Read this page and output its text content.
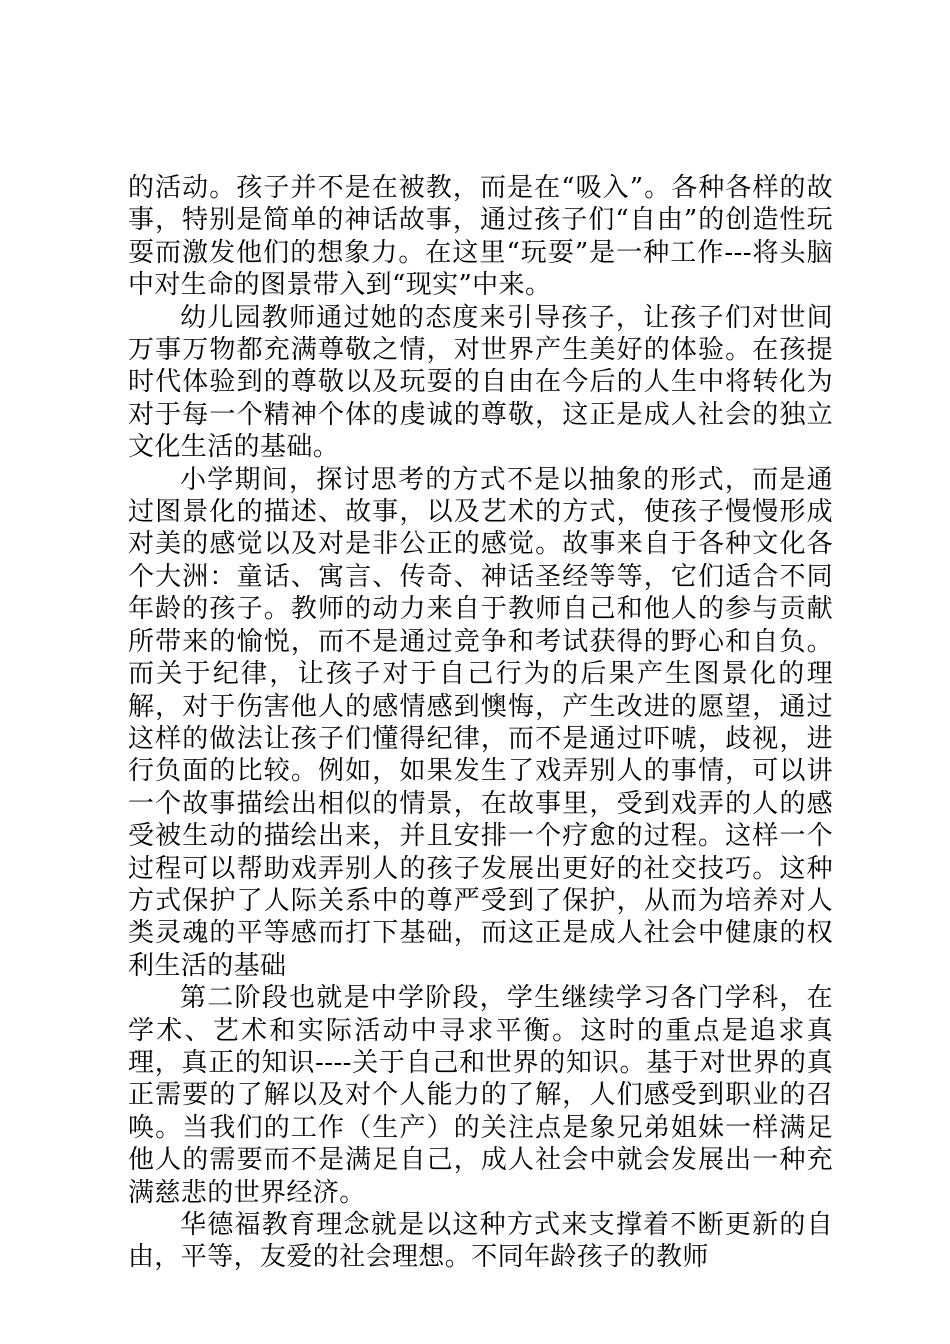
的活动。孩子并不是在被教，而是在“吸入”。各种各样的故事，特别是简单的神话故事，通过孩子们“自由”的创造性玩耍而激发他们的想象力。在这里“玩耍”是一种工作---将头脑中对生命的图景带入到“现实”中来。

幼儿园教师通过她的态度来引导孩子，让孩子们对世间万事万物都充满尊敬之情，对世界产生美好的体验。在孩提时代体验到的尊敬以及玩耍的自由在今后的人生中将转化为对于每一个精神个体的虔诚的尊敬，这正是成人社会的独立文化生活的基础。

小学期间，探讨思考的方式不是以抽象的形式，而是通过图景化的描述、故事，以及艺术的方式，使孩子慢慢形成对美的感觉以及对是非公正的感觉。故事来自于各种文化各个大洲：童话、寓言、传奇、神话圣经等等，它们适合不同年龄的孩子。教师的动力来自于教师自己和他人的参与贡献所带来的愉悦，而不是通过竞争和考试获得的野心和自负。而关于纪律，让孩子对于自己行为的后果产生图景化的理解，对于伤害他人的感情感到懊悔，产生改进的愿望，通过这样的做法让孩子们懂得纪律，而不是通过吓唬，歧视，进行负面的比较。例如，如果发生了戏弄别人的事情，可以讲一个故事描绘出相似的情景，在故事里，受到戏弄的人的感受被生动的描绘出来，并且安排一个疗愈的过程。这样一个过程可以帮助戏弄别人的孩子发展出更好的社交技巧。这种方式保护了人际关系中的尊严受到了保护，从而为培养对人类灵魂的平等感而打下基础，而这正是成人社会中健康的权利生活的基础

第二阶段也就是中学阶段，学生继续学习各门学科，在学术、艺术和实际活动中寻求平衡。这时的重点是追求真理，真正的知识----关于自己和世界的知识。基于对世界的真正需要的了解以及对个人能力的了解，人们感受到职业的召唤。当我们的工作（生产）的关注点是象兄弟姐妹一样满足他人的需要而不是满足自己，成人社会中就会发展出一种充满慈悲的世界经济。

华德福教育理念就是以这种方式来支撑着不断更新的自由，平等，友爱的社会理想。不同年龄孩子的教师
